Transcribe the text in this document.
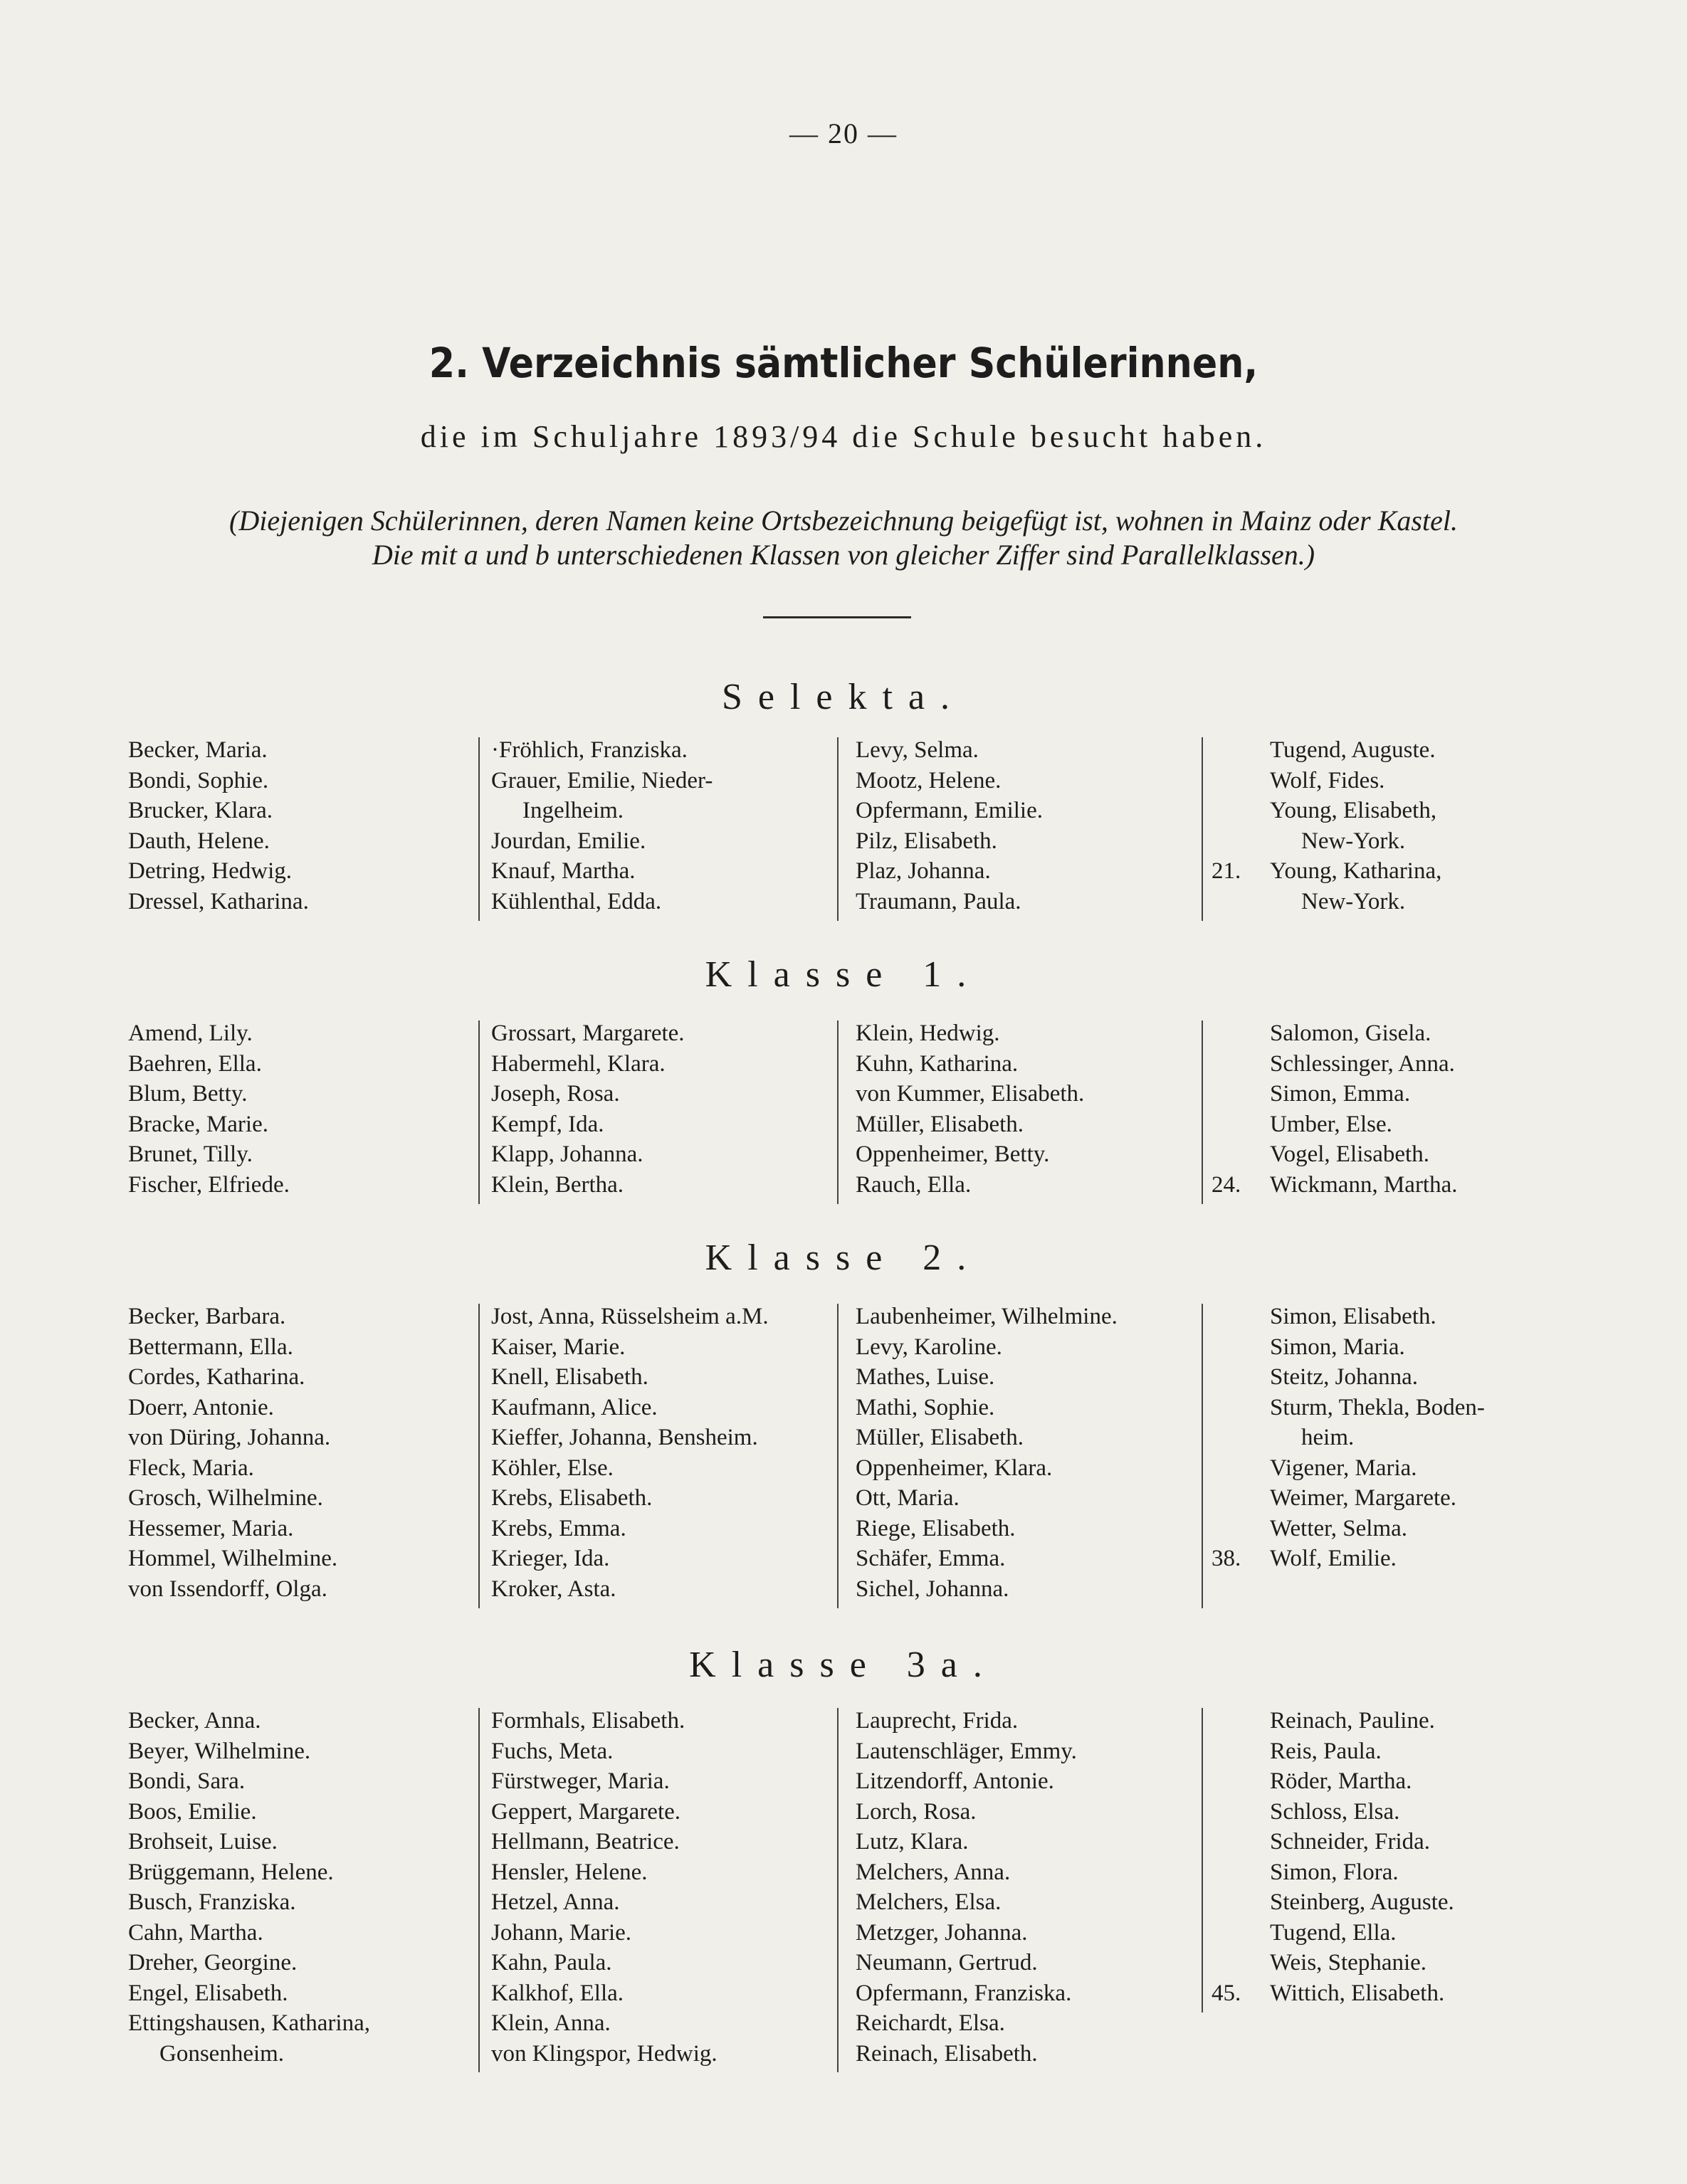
— 20 —
2. Verzeichnis sämtlicher Schülerinnen,
die im Schuljahre 1893/94 die Schule besucht haben.
(Diejenigen Schülerinnen, deren Namen keine Ortsbezeichnung beigefügt ist, wohnen in Mainz oder Kastel.
Die mit a und b unterschiedenen Klassen von gleicher Ziffer sind Parallelklassen.)
Selekta.
Becker, Maria.
Bondi, Sophie.
Brucker, Klara.
Dauth, Helene.
Detring, Hedwig.
Dressel, Katharina.
·Fröhlich, Franziska.
Grauer, Emilie, Nieder-
Ingelheim.
Jourdan, Emilie.
Knauf, Martha.
Kühlenthal, Edda.
Levy, Selma.
Mootz, Helene.
Opfermann, Emilie.
Pilz, Elisabeth.
Plaz, Johanna.
Traumann, Paula.
Tugend, Auguste.
Wolf, Fides.
Young, Elisabeth,
New-York.
21. Young, Katharina,
New-York.
Klasse 1.
Amend, Lily.
Baehren, Ella.
Blum, Betty.
Bracke, Marie.
Brunet, Tilly.
Fischer, Elfriede.
Grossart, Margarete.
Habermehl, Klara.
Joseph, Rosa.
Kempf, Ida.
Klapp, Johanna.
Klein, Bertha.
Klein, Hedwig.
Kuhn, Katharina.
von Kummer, Elisabeth.
Müller, Elisabeth.
Oppenheimer, Betty.
Rauch, Ella.
Salomon, Gisela.
Schlessinger, Anna.
Simon, Emma.
Umber, Else.
Vogel, Elisabeth.
24. Wickmann, Martha.
Klasse 2.
Becker, Barbara.
Bettermann, Ella.
Cordes, Katharina.
Doerr, Antonie.
von Düring, Johanna.
Fleck, Maria.
Grosch, Wilhelmine.
Hessemer, Maria.
Hommel, Wilhelmine.
von Issendorff, Olga.
Jost, Anna, Rüsselsheim a.M.
Kaiser, Marie.
Knell, Elisabeth.
Kaufmann, Alice.
Kieffer, Johanna, Bensheim.
Köhler, Else.
Krebs, Elisabeth.
Krebs, Emma.
Krieger, Ida.
Kroker, Asta.
Laubenheimer, Wilhelmine.
Levy, Karoline.
Mathes, Luise.
Mathi, Sophie.
Müller, Elisabeth.
Oppenheimer, Klara.
Ott, Maria.
Riege, Elisabeth.
Schäfer, Emma.
Sichel, Johanna.
Simon, Elisabeth.
Simon, Maria.
Steitz, Johanna.
Sturm, Thekla, Boden-
heim.
Vigener, Maria.
Weimer, Margarete.
Wetter, Selma.
38. Wolf, Emilie.
Klasse 3a.
Becker, Anna.
Beyer, Wilhelmine.
Bondi, Sara.
Boos, Emilie.
Brohseit, Luise.
Brüggemann, Helene.
Busch, Franziska.
Cahn, Martha.
Dreher, Georgine.
Engel, Elisabeth.
Ettingshausen, Katharina,
Gonsenheim.
Formhals, Elisabeth.
Fuchs, Meta.
Fürstweger, Maria.
Geppert, Margarete.
Hellmann, Beatrice.
Hensler, Helene.
Hetzel, Anna.
Johann, Marie.
Kahn, Paula.
Kalkhof, Ella.
Klein, Anna.
von Klingspor, Hedwig.
Lauprecht, Frida.
Lautenschläger, Emmy.
Litzendorff, Antonie.
Lorch, Rosa.
Lutz, Klara.
Melchers, Anna.
Melchers, Elsa.
Metzger, Johanna.
Neumann, Gertrud.
Opfermann, Franziska.
Reichardt, Elsa.
Reinach, Elisabeth.
Reinach, Pauline.
Reis, Paula.
Röder, Martha.
Schloss, Elsa.
Schneider, Frida.
Simon, Flora.
Steinberg, Auguste.
Tugend, Ella.
Weis, Stephanie.
45. Wittich, Elisabeth.
